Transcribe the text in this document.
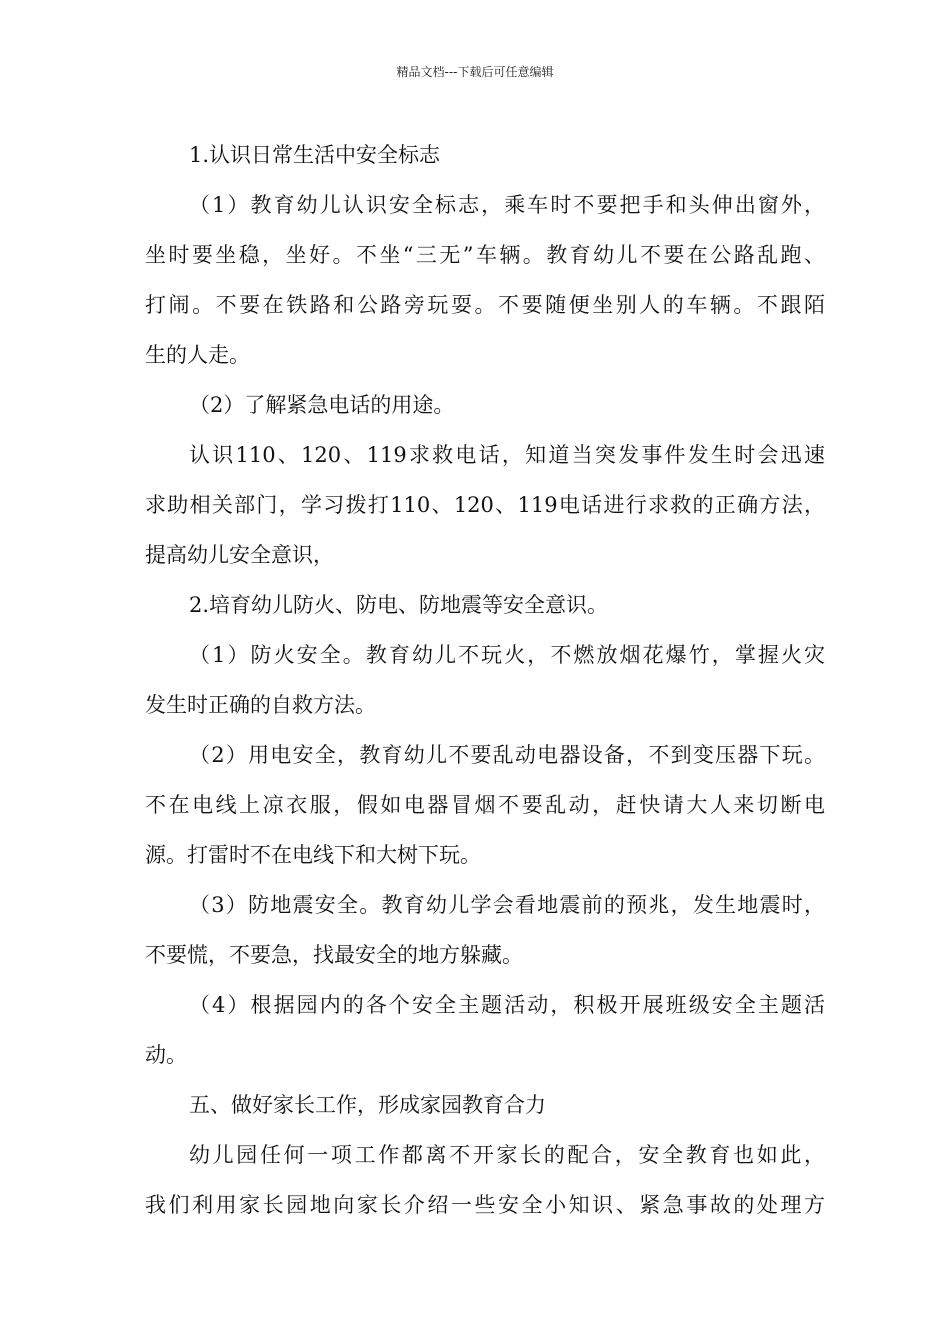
精品文档---下载后可任意编辑
1.认识日常生活中安全标志
（1）教育幼儿认识安全标志，乘车时不要把手和头伸出窗外，
坐时要坐稳，坐好。不坐“三无”车辆。教育幼儿不要在公路乱跑、
打闹。不要在铁路和公路旁玩耍。不要随便坐别人的车辆。不跟陌
生的人走。
（2）了解紧急电话的用途。
认识110、120、119求救电话，知道当突发事件发生时会迅速
求助相关部门，学习拨打110、120、119电话进行求救的正确方法，
提高幼儿安全意识，
2.培育幼儿防火、防电、防地震等安全意识。
（1）防火安全。教育幼儿不玩火，不燃放烟花爆竹，掌握火灾
发生时正确的自救方法。
（2）用电安全，教育幼儿不要乱动电器设备，不到变压器下玩。
不在电线上凉衣服，假如电器冒烟不要乱动，赶快请大人来切断电
源。打雷时不在电线下和大树下玩。
（3）防地震安全。教育幼儿学会看地震前的预兆，发生地震时，
不要慌，不要急，找最安全的地方躲藏。
（4）根据园内的各个安全主题活动，积极开展班级安全主题活
动。
五、做好家长工作，形成家园教育合力
幼儿园任何一项工作都离不开家长的配合，安全教育也如此，
我们利用家长园地向家长介绍一些安全小知识、紧急事故的处理方
